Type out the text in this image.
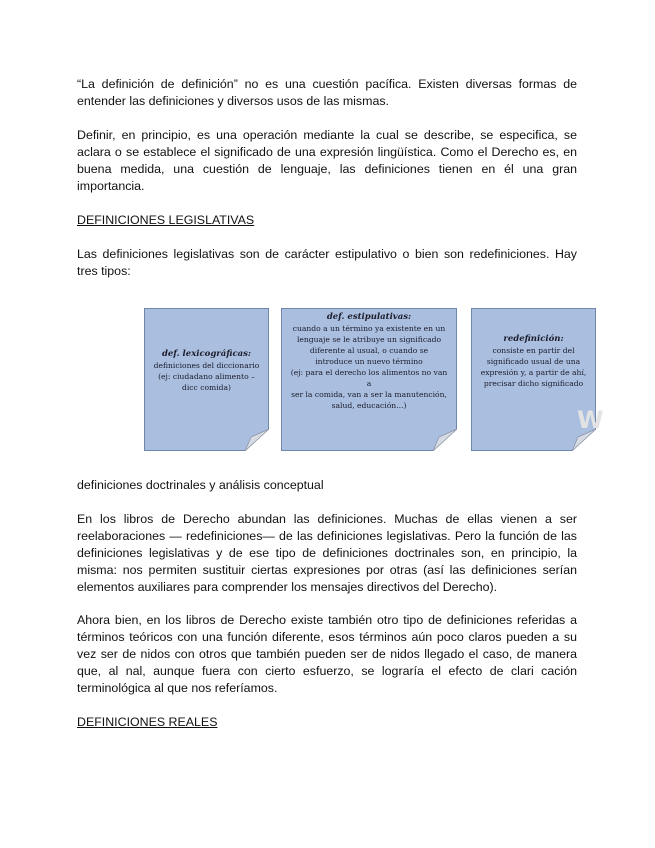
“La definición de definición” no es una cuestión pacífica. Existen diversas formas de entender las definiciones y diversos usos de las mismas.

Definir, en principio, es una operación mediante la cual se describe, se especifica, se aclara o se establece el significado de una expresión lingüística. Como el Derecho es, en buena medida, una cuestión de lenguaje, las definiciones tienen en él una gran importancia.

DEFINICIONES LEGISLATIVAS

Las definiciones legislativas son de carácter estipulativo o bien son redefiniciones. Hay tres tipos:

definiciones doctrinales y análisis conceptual

En los libros de Derecho abundan las definiciones. Muchas de ellas vienen a ser reelaboraciones — redefiniciones— de las definiciones legislativas. Pero la función de las definiciones legislativas y de ese tipo de definiciones doctrinales son, en principio, la misma: nos permiten sustituir ciertas expresiones por otras (así las definiciones serían elementos auxiliares para comprender los mensajes directivos del Derecho).

Ahora bien, en los libros de Derecho existe también otro tipo de definiciones referidas a términos teóricos con una función diferente, esos términos aún poco claros pueden a su vez ser de nidos con otros que también pueden ser de nidos llegado el caso, de manera que, al nal, aunque fuera con cierto esfuerzo, se lograría el efecto de clari cación terminológica al que nos referíamos.

DEFINICIONES REALES
def. lexicográficas:
definiciones del diccionario
(ej: ciudadano alimento –
dicc comida)
def. estipulativas:
cuando a un término ya existente en un
lenguaje se le atribuye un significado
diferente al usual, o cuando se
introduce un nuevo término
(ej: para el derecho los alimentos no van a
ser la comida, van a ser la manutención,
salud, educación...)
redefinición:
consiste en partir del
significado usual de una
expresión y, a partir de ahí,
precisar dicho significado
W
